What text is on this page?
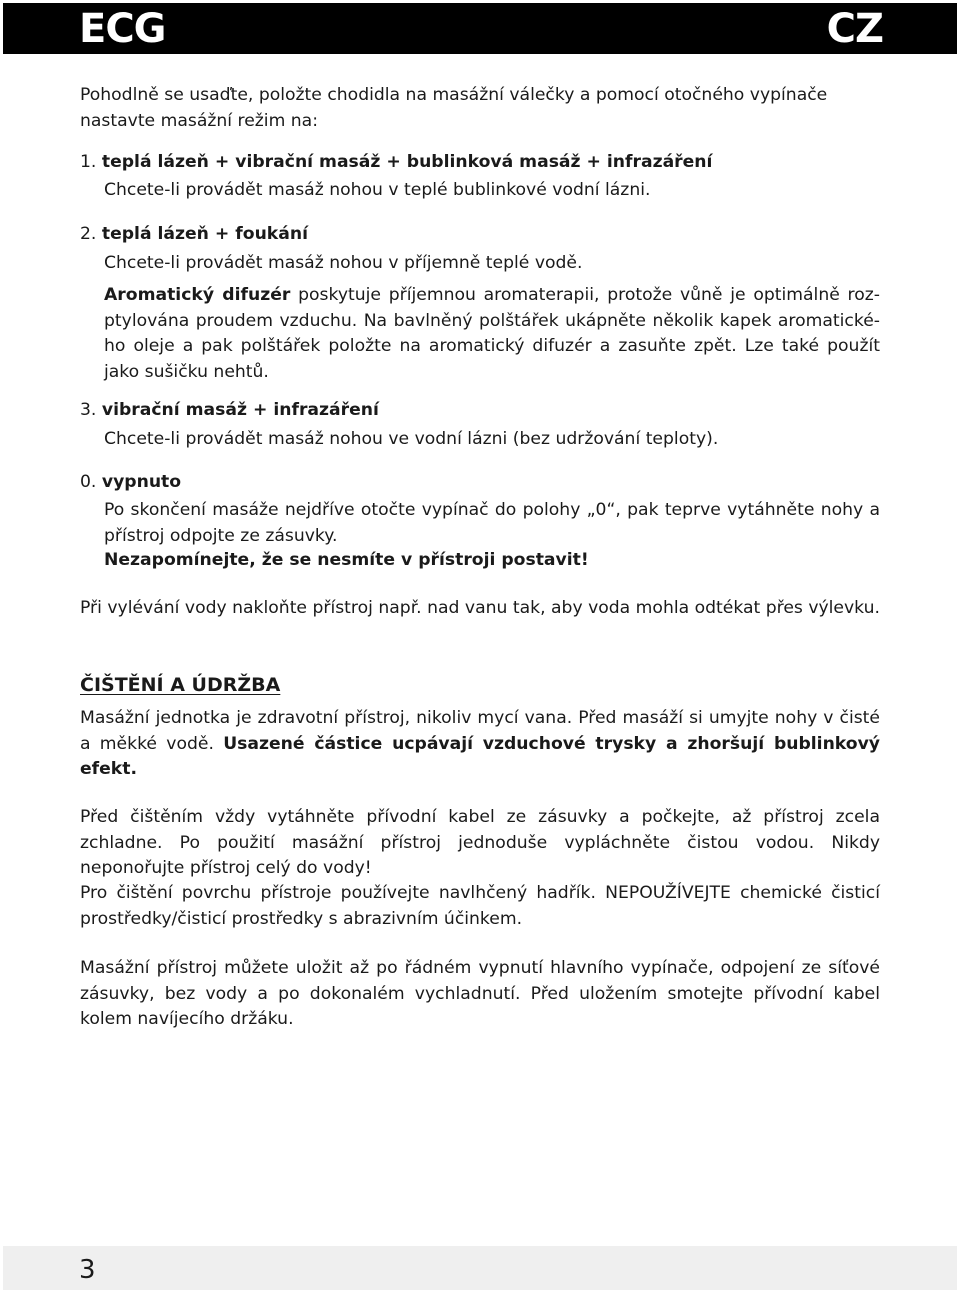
ECG	CZ

Pohodlně se usaďte, položte chodidla na masážní válečky a pomocí otočného vypínače nastavte masážní režim na:

1. teplá lázeň + vibrační masáž + bublinková masáž + infrazáření

Chcete-li provádět masáž nohou v teplé bublinkové vodní lázni.

2. teplá lázeň + foukání

Chcete-li provádět masáž nohou v příjemně teplé vodě.

Aromatický difuzér poskytuje příjemnou aromaterapii, protože vůně je optimálně rozptylována proudem vzduchu. Na bavlněný polštářek ukápněte několik kapek aromatického oleje a pak polštářek položte na aromatický difuzér a zasuňte zpět. Lze také použít jako sušičku nehtů.

3. vibrační masáž + infrazáření

Chcete-li provádět masáž nohou ve vodní lázni (bez udržování teploty).

0. vypnuto

Po skončení masáže nejdříve otočte vypínač do polohy „0“, pak teprve vytáhněte nohy a přístroj odpojte ze zásuvky.

Nezapomínejte, že se nesmíte v přístroji postavit!

Při vylévání vody nakloňte přístroj např. nad vanu tak, aby voda mohla odtékat přes výlevku.

ČIŠTĚNÍ A ÚDRŽBA

Masážní jednotka je zdravotní přístroj, nikoliv mycí vana. Před masáží si umyjte nohy v čisté a měkké vodě. Usazené částice ucpávají vzduchové trysky a zhoršují bublinkový efekt.

Před čištěním vždy vytáhněte přívodní kabel ze zásuvky a počkejte, až přístroj zcela zchladne. Po použití masážní přístroj jednoduše vypláchněte čistou vodou. Nikdy neponořujte přístroj celý do vody!

Pro čištění povrchu přístroje používejte navlhčený hadřík. NEPOUŽÍVEJTE chemické čisticí prostředky/čisticí prostředky s abrazivním účinkem.

Masážní přístroj můžete uložit až po řádném vypnutí hlavního vypínače, odpojení ze síťové zásuvky, bez vody a po dokonalém vychladnutí. Před uložením smotejte přívodní kabel kolem navíjecího držáku.

3
